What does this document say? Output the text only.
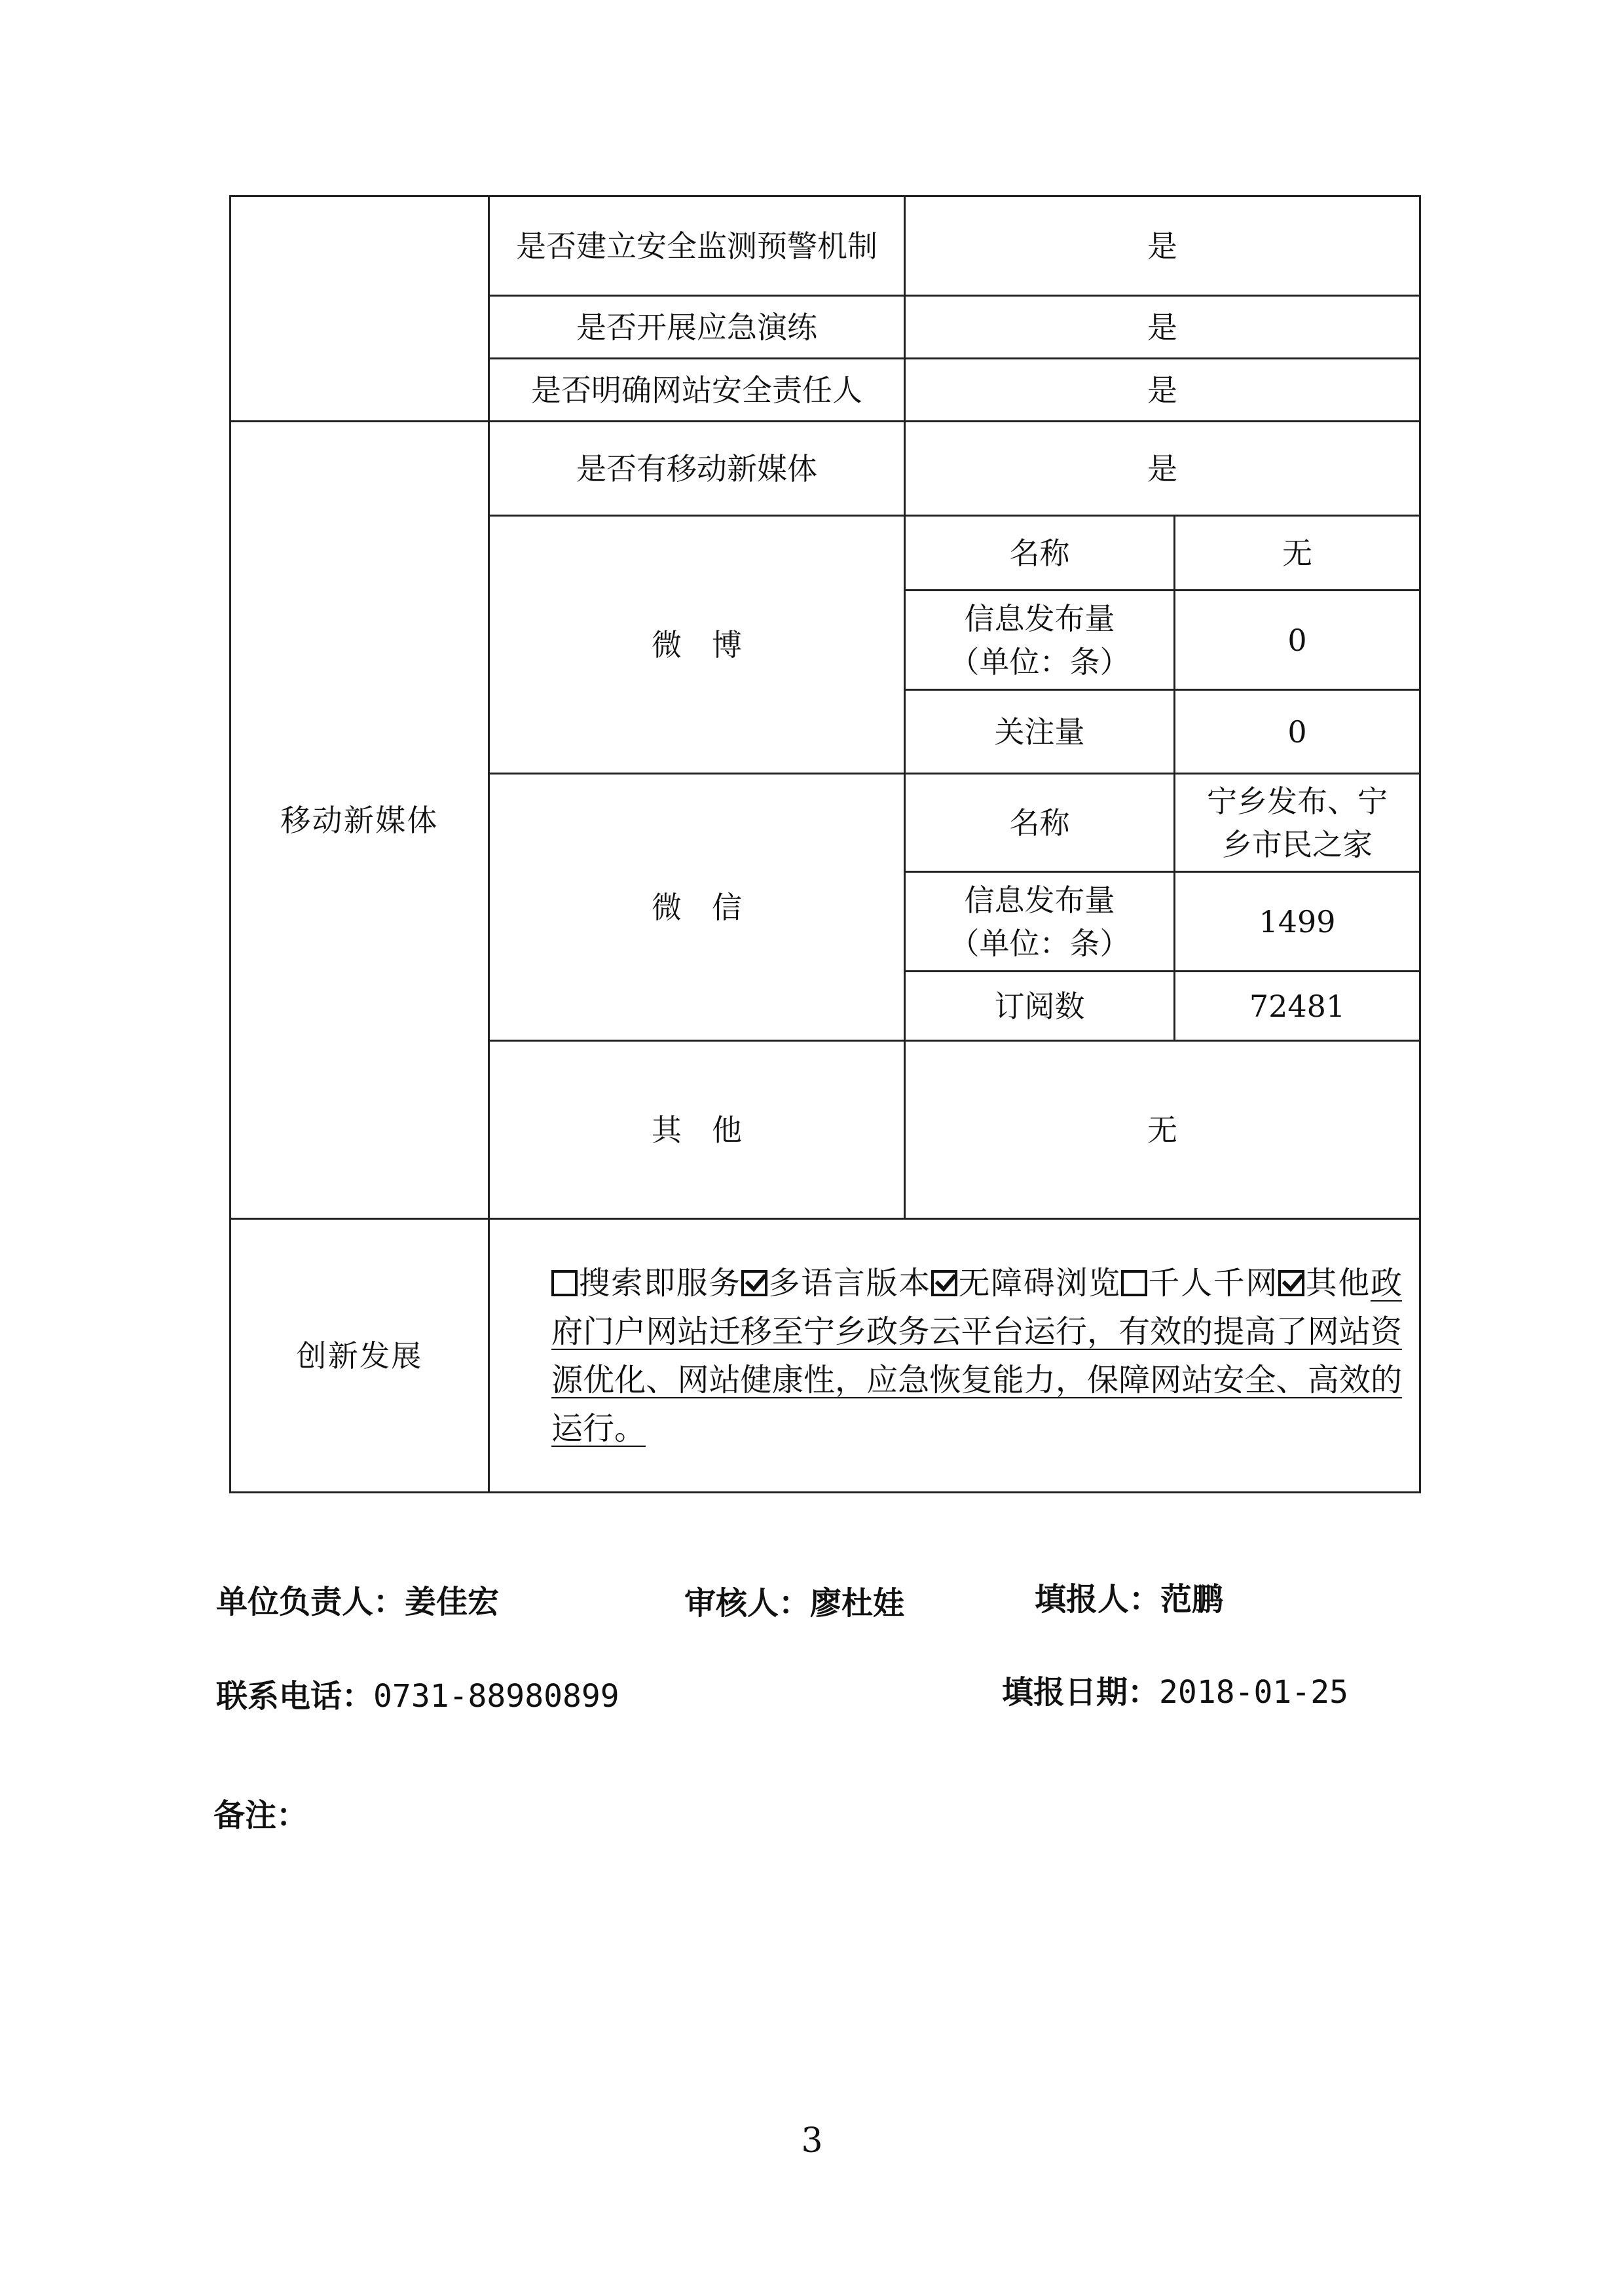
	是否建立安全监测预警机制	是	
	是否开展应急演练	是	
	是否明确网站安全责任人	是	
移动新媒体	是否有移动新媒体	是	
	微　博	名称	无
		信息发布量（单位：条）	0
		关注量	0
	微　信	名称	宁乡发布、宁乡市民之家
		信息发布量（单位：条）	1499
		订阅数	72481
	其　他	无	
创新发展	搜索即服务 多语言版本 无障碍浏览 千人千网 其他政府门户网站迁移至宁乡政务云平台运行，有效的提高了网站资源优化、网站健康性，应急恢复能力，保障网站安全、高效的运行。		
单位负责人：姜佳宏	审核人：廖杜娃	填报人：范鹏
联系电话：0731-88980899	填报日期：2018-01-25
备注：
3
